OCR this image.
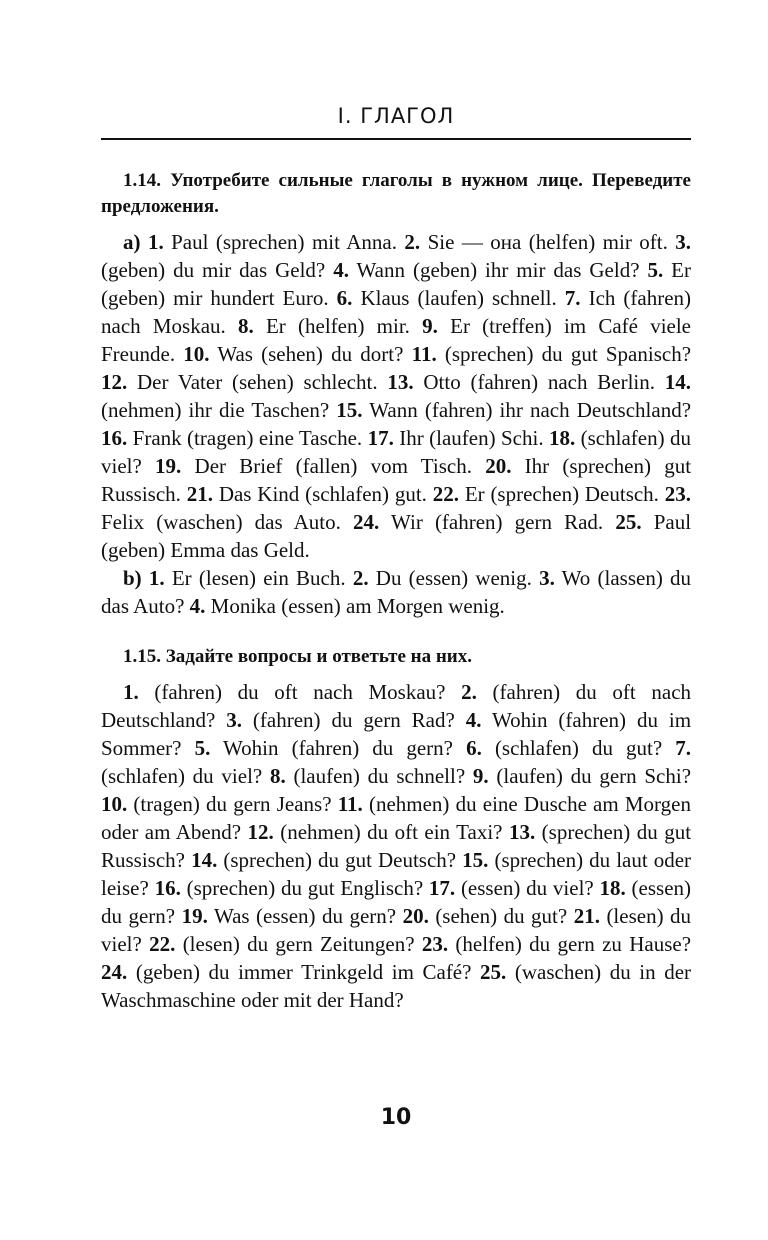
I. ГЛАГОЛ

1.14. Употребите сильные глаголы в нужном лице. Переведите предложения.

а) 1. Paul (sprechen) mit Anna. 2. Sie — она (helfen) mir oft. 3. (geben) du mir das Geld? 4. Wann (geben) ihr mir das Geld? 5. Er (geben) mir hundert Euro. 6. Klaus (laufen) schnell. 7. Ich (fahren) nach Moskau. 8. Er (helfen) mir. 9. Er (treffen) im Café viele Freunde. 10. Was (sehen) du dort? 11. (sprechen) du gut Spanisch? 12. Der Vater (sehen) schlecht. 13. Otto (fahren) nach Berlin. 14. (nehmen) ihr die Taschen? 15. Wann (fahren) ihr nach Deutschland? 16. Frank (tragen) eine Tasche. 17. Ihr (laufen) Schi. 18. (schlafen) du viel? 19. Der Brief (fallen) vom Tisch. 20. Ihr (sprechen) gut Russisch. 21. Das Kind (schlafen) gut. 22. Er (sprechen) Deutsch. 23. Felix (waschen) das Auto. 24. Wir (fahren) gern Rad. 25. Paul (geben) Emma das Geld.

b) 1. Er (lesen) ein Buch. 2. Du (essen) wenig. 3. Wo (lassen) du das Auto? 4. Monika (essen) am Morgen wenig.

1.15. Задайте вопросы и ответьте на них.

1. (fahren) du oft nach Moskau? 2. (fahren) du oft nach Deutschland? 3. (fahren) du gern Rad? 4. Wohin (fahren) du im Sommer? 5. Wohin (fahren) du gern? 6. (schlafen) du gut? 7. (schlafen) du viel? 8. (laufen) du schnell? 9. (laufen) du gern Schi? 10. (tragen) du gern Jeans? 11. (nehmen) du eine Dusche am Morgen oder am Abend? 12. (nehmen) du oft ein Taxi? 13. (sprechen) du gut Russisch? 14. (sprechen) du gut Deutsch? 15. (sprechen) du laut oder leise? 16. (sprechen) du gut Englisch? 17. (essen) du viel? 18. (essen) du gern? 19. Was (essen) du gern? 20. (sehen) du gut? 21. (lesen) du viel? 22. (lesen) du gern Zeitungen? 23. (helfen) du gern zu Hause? 24. (geben) du immer Trinkgeld im Café? 25. (waschen) du in der Waschmaschine oder mit der Hand?

10
